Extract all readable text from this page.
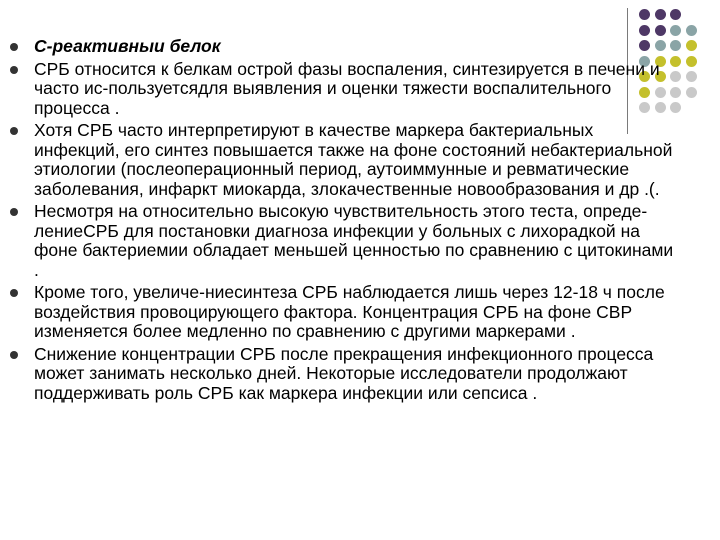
С-реактивныи белок
СРБ относится к белкам острой фазы воспаления, синтезируется в печени и часто ис-пользуетсядля выявления и оценки тяжести воспалительного процесса .
Хотя СРБ часто интерпретируют в качестве маркера бактериальных инфекций, его синтез повышается также на фоне состояний небактериальной этиологии (послеоперационный период, аутоиммунные и ревматические заболевания, инфаркт миокарда, злокачественные новообразования и др .(.
Несмотря на относительно высокую чувствительность этого теста, опреде-лениеСРБ для постановки диагноза инфекции у больных с лихорадкой на фоне бактериемии обладает меньшей ценностью по сравнению с цитокинами .
Кроме того, увеличе-ниесинтеза СРБ наблюдается лишь через 12-18 ч после воздействия провоцирующего фактора. Концентрация СРБ на фоне СВР изменяется более медленно по сравнению с другими маркерами .
Снижение концентрации СРБ после прекращения инфекционного процесса может занимать несколько дней. Некоторые исследователи продолжают поддерживать роль СРБ как маркера инфекции или сепсиса .
